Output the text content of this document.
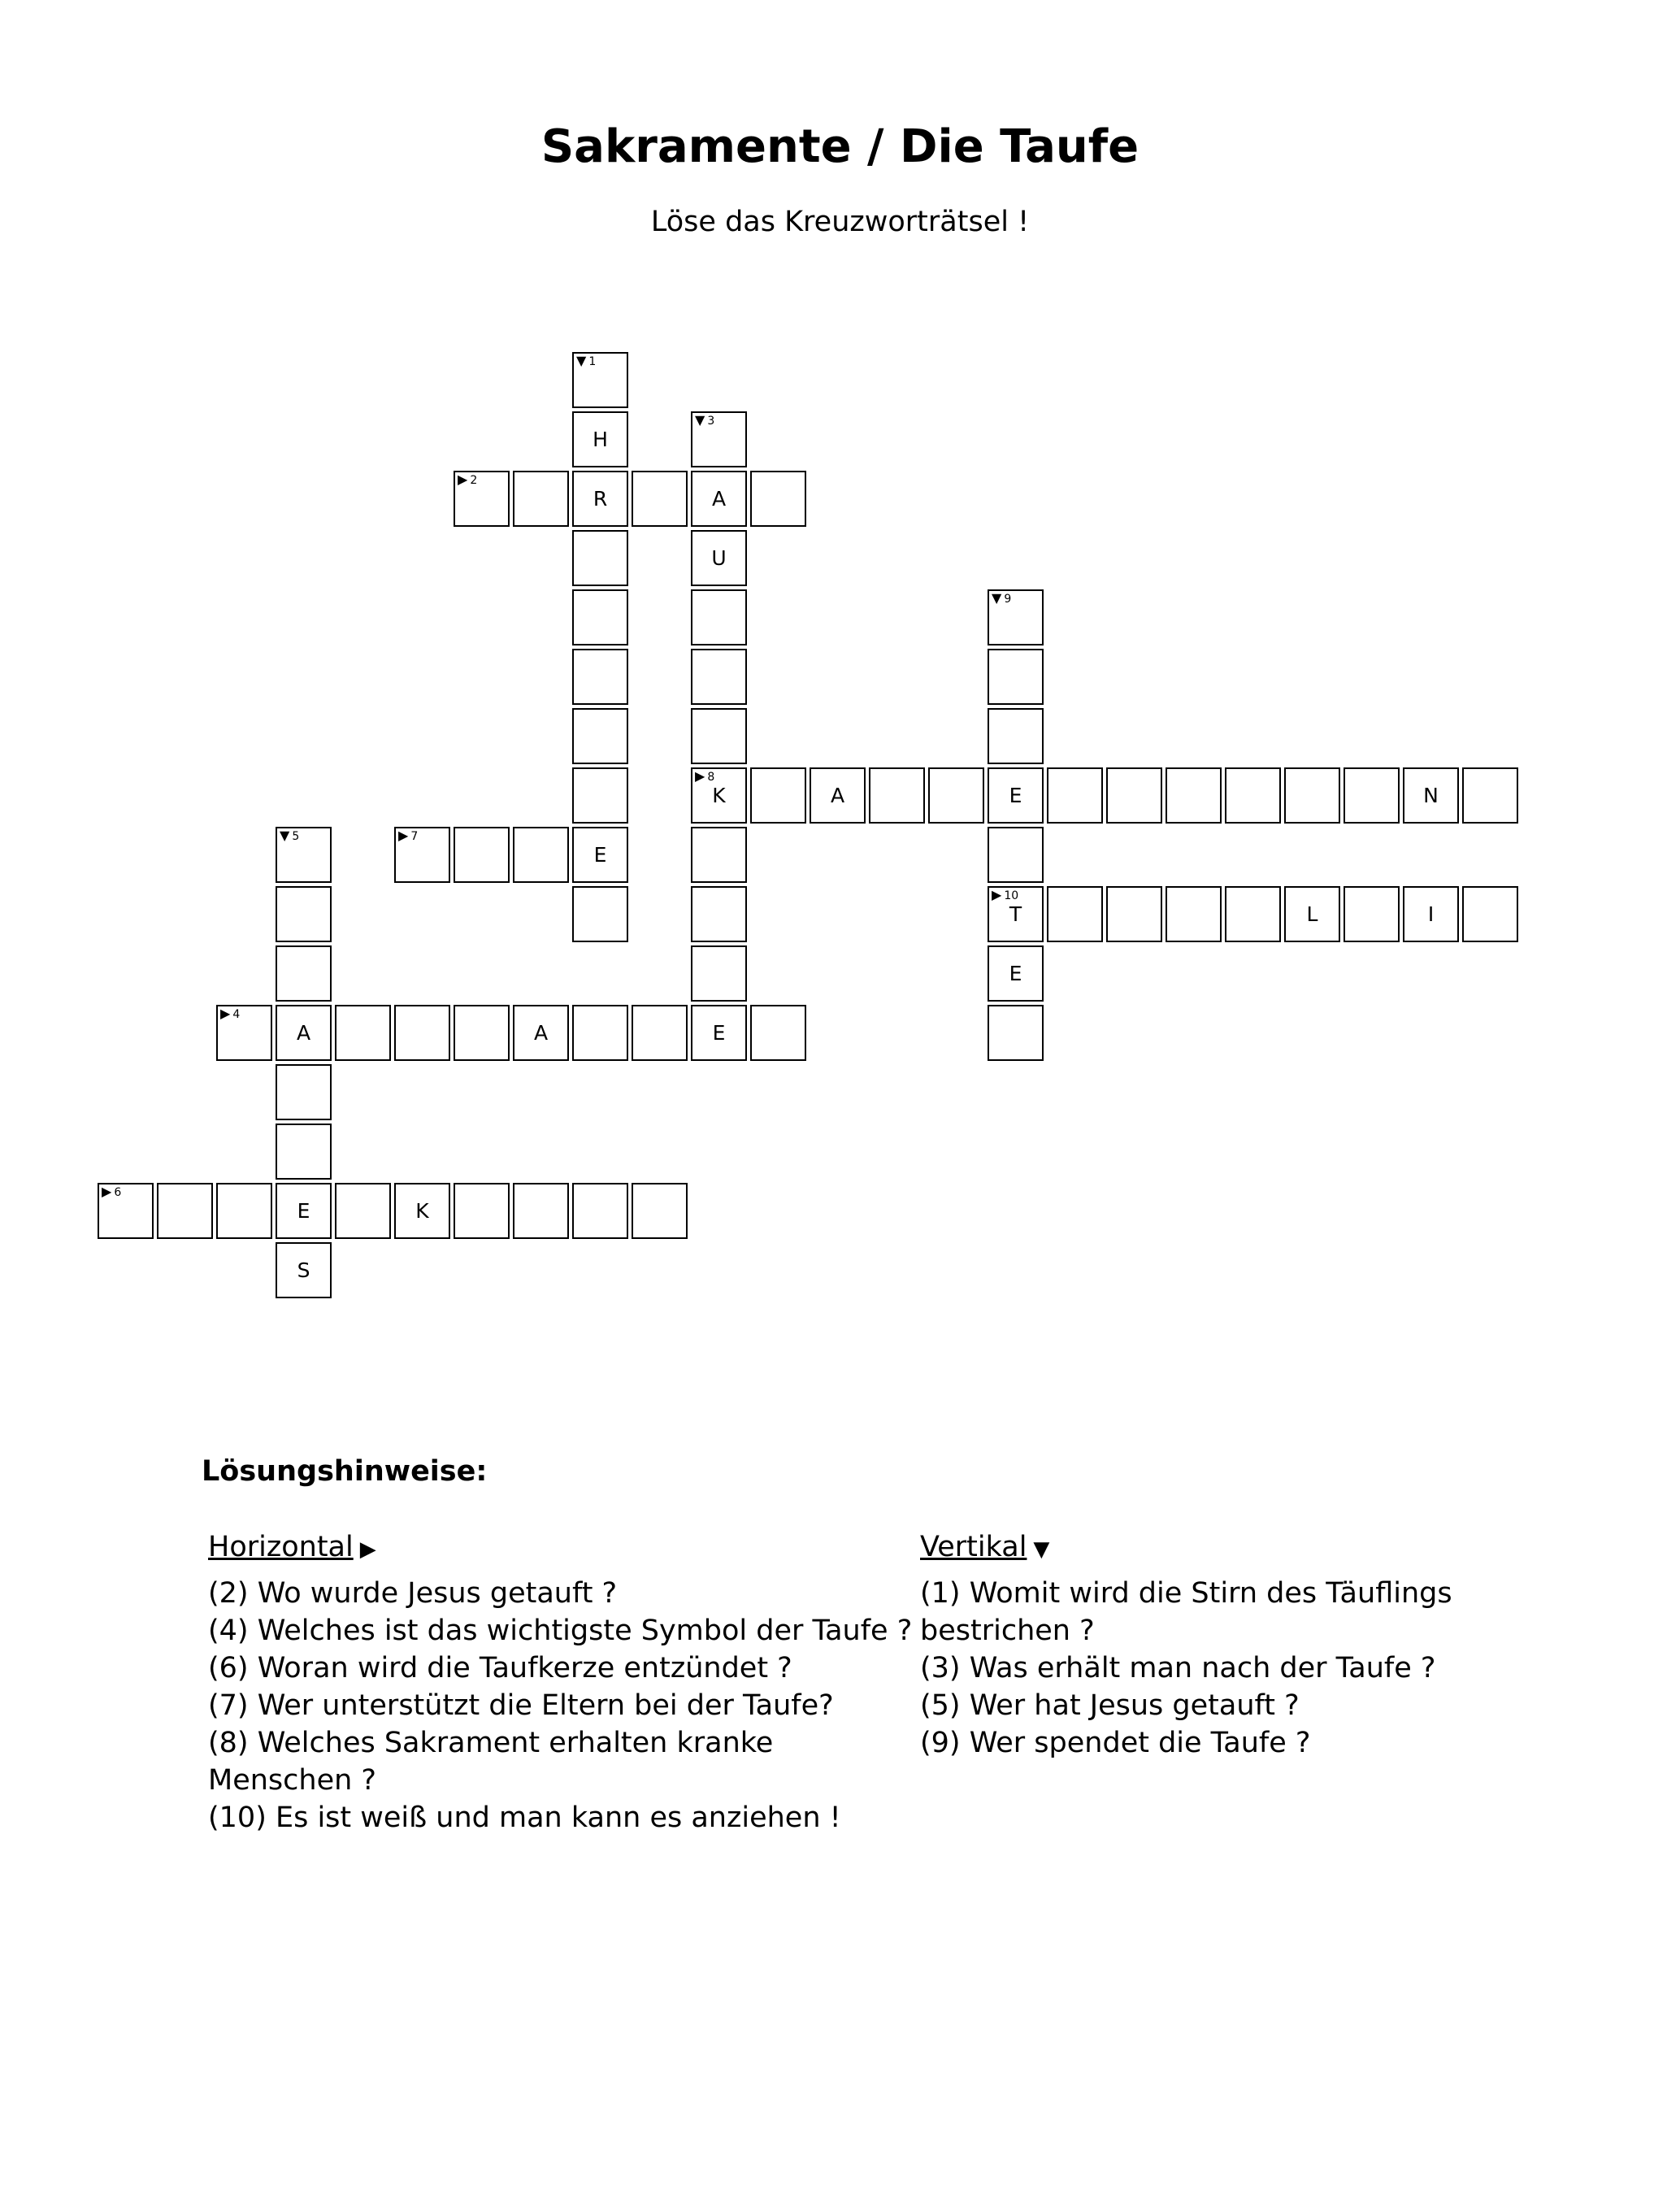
Sakramente / Die Taufe
Löse das Kreuzworträtsel !
▼ 1
H
R
E
▶ 2
A
▼ 3
U
▶ 8
K
E
▶ 4
A	A
▼ 5
E
S
▶ 6
K
▶ 7
A	E	N
▼ 9
▶ 10
T
E
L	I
Lösungshinweise:
Horizontal ▶
(2) Wo wurde Jesus getauft ?
(4) Welches ist das wichtigste Symbol der Taufe ?
(6) Woran wird die Taufkerze entzündet ?
(7) Wer unterstützt die Eltern bei der Taufe?
(8) Welches Sakrament erhalten kranke Menschen ?
(10) Es ist weiß und man kann es anziehen !
Vertikal ▼
(1) Womit wird die Stirn des Täuflings bestrichen ?
(3) Was erhält man nach der Taufe ?
(5) Wer hat Jesus getauft ?
(9) Wer spendet die Taufe ?
